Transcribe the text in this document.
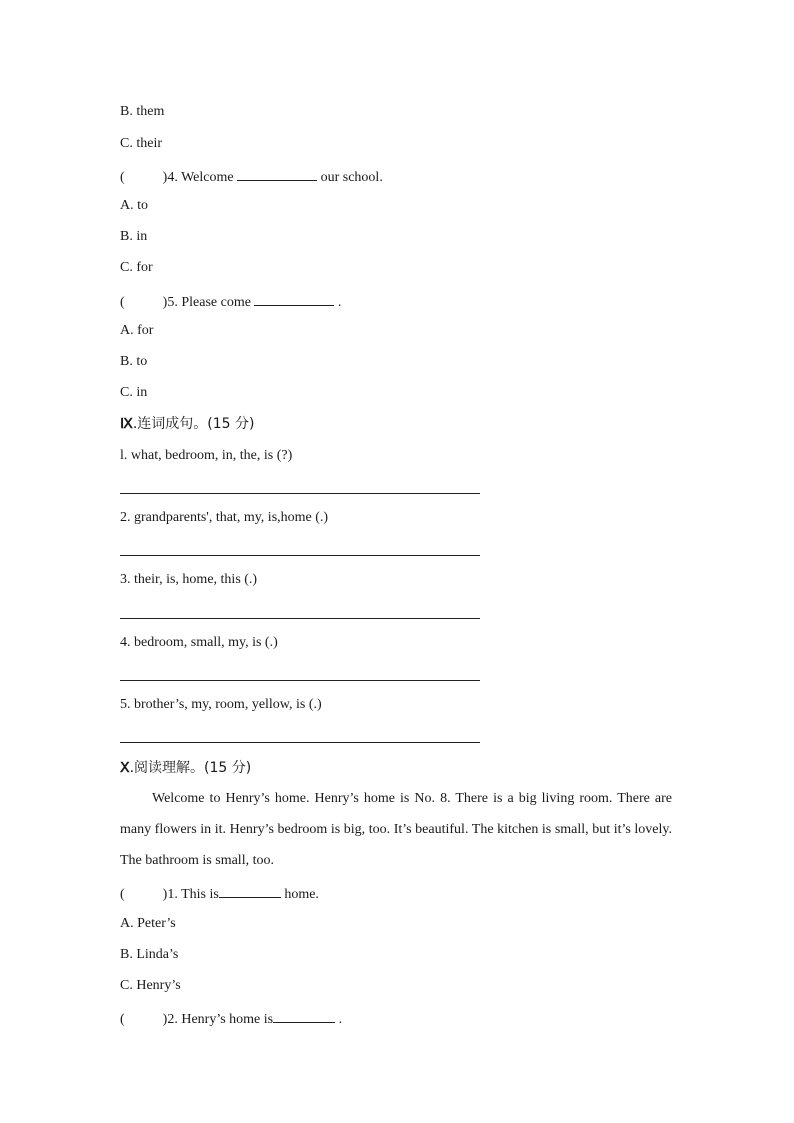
B. them
C. their
(	)4. Welcome	our school.
A. to
B. in
C. for
(	)5. Please come	.
A. for
B. to
C. in
Ⅸ.连词成句。(15 分)
l. what, bedroom, in, the, is (?)
2. grandparents', that, my, is,home (.)
3. their, is, home, this (.)
4. bedroom, small, my, is (.)
5. brother’s, my, room, yellow, is (.)
Ⅹ.阅读理解。(15 分)
Welcome to Henry’s home. Henry’s home is No. 8. There is a big living room. There are many flowers in it. Henry’s bedroom is big, too. It’s beautiful. The kitchen is small, but it’s lovely. The bathroom is small, too.
(	)1. This is	home.
A. Peter’s
B. Linda’s
C. Henry’s
(	)2. Henry’s home is	.
